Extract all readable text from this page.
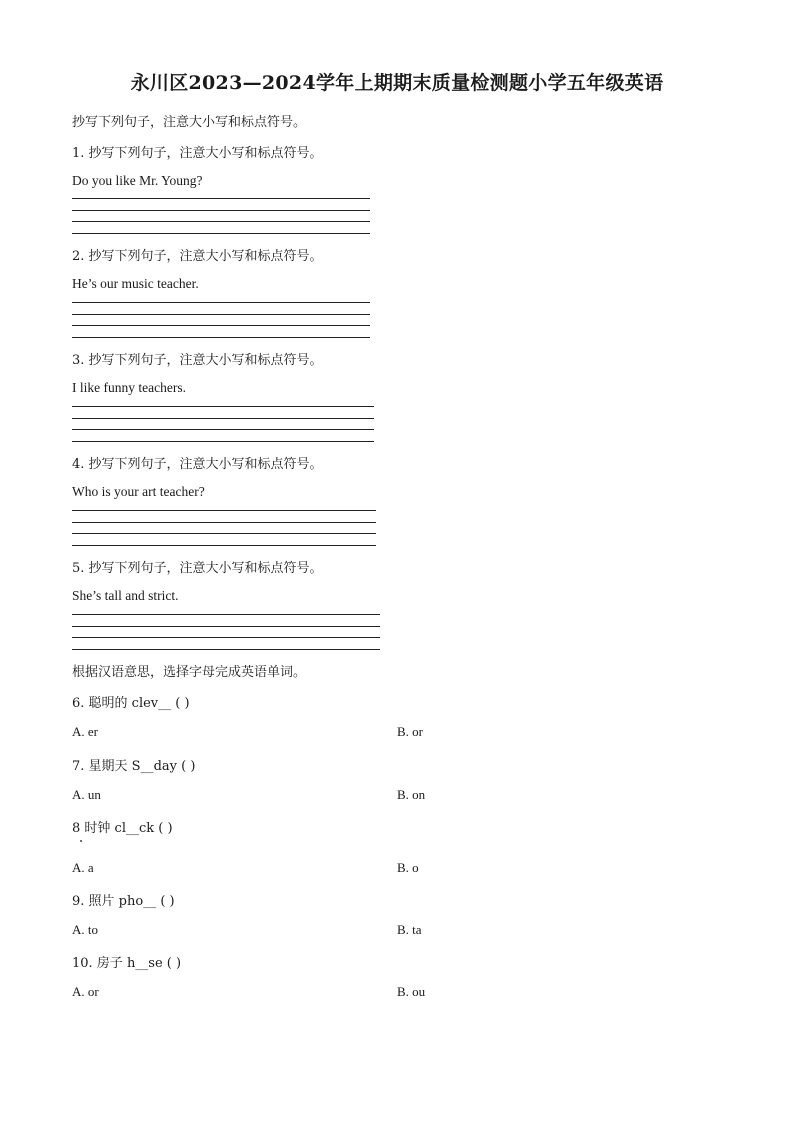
永川区2023—2024学年上期期末质量检测题小学五年级英语
抄写下列句子，注意大小写和标点符号。
1. 抄写下列句子，注意大小写和标点符号。
Do you like Mr. Young?
2. 抄写下列句子，注意大小写和标点符号。
He’s our music teacher.
3. 抄写下列句子，注意大小写和标点符号。
I like funny teachers.
4. 抄写下列句子，注意大小写和标点符号。
Who is your art teacher?
5. 抄写下列句子，注意大小写和标点符号。
She’s tall and strict.
根据汉语意思，选择字母完成英语单词。
6. 聪明的 clev__ ( )
A. er	B. or
7. 星期天 S__day ( )
A. un	B. on
8 时钟 cl__ck ( )
A. a	B. o
9. 照片 pho__ ( )
A. to	B. ta
10. 房子 h__se ( )
A. or	B. ou
